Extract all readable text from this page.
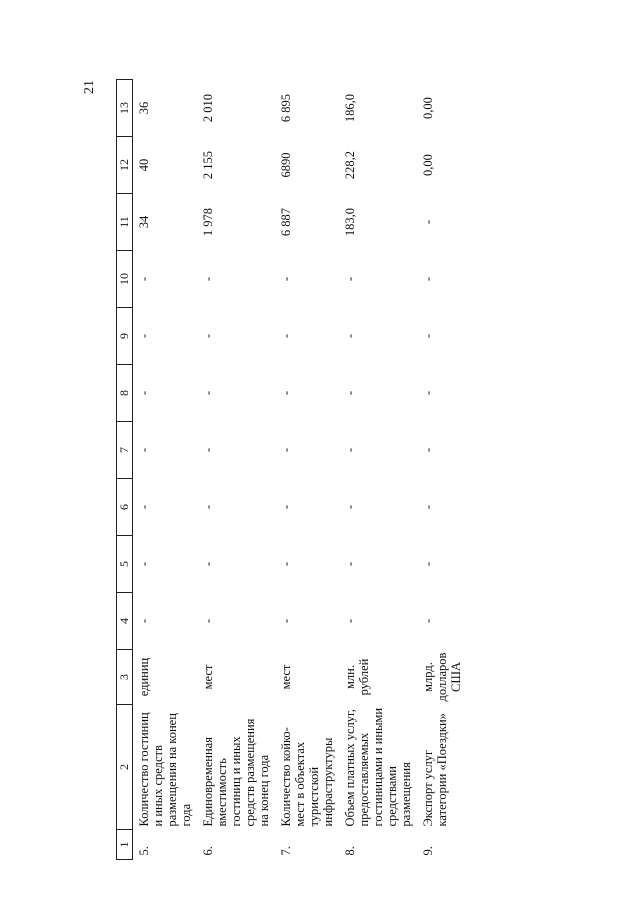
21
1	2	3	4	5	6	7	8	9	10	11	12	13
5.	Количество гостиниц и иных средств размещения на конец года	единиц	-	-	-	-	-	-	-	34	40	36
6.	Единовременная вместимость гостиниц и иных средств размещения на конец года	мест	-	-	-	-	-	-	-	1 978	2 155	2 010
7.	Количество койко-мест в объектах туристской инфраструктуры	мест	-	-	-	-	-	-	-	6 887	6890	6 895
8.	Объем платных услуг, предоставляемых гостиницами и иными средствами размещения	млн. рублей	-	-	-	-	-	-	-	183,0	228,2	186,0
9.	Экспорт услуг категории «Поездки»	млрд. долларов США	-	-	-	-	-	-	-	-	0,00	0,00
